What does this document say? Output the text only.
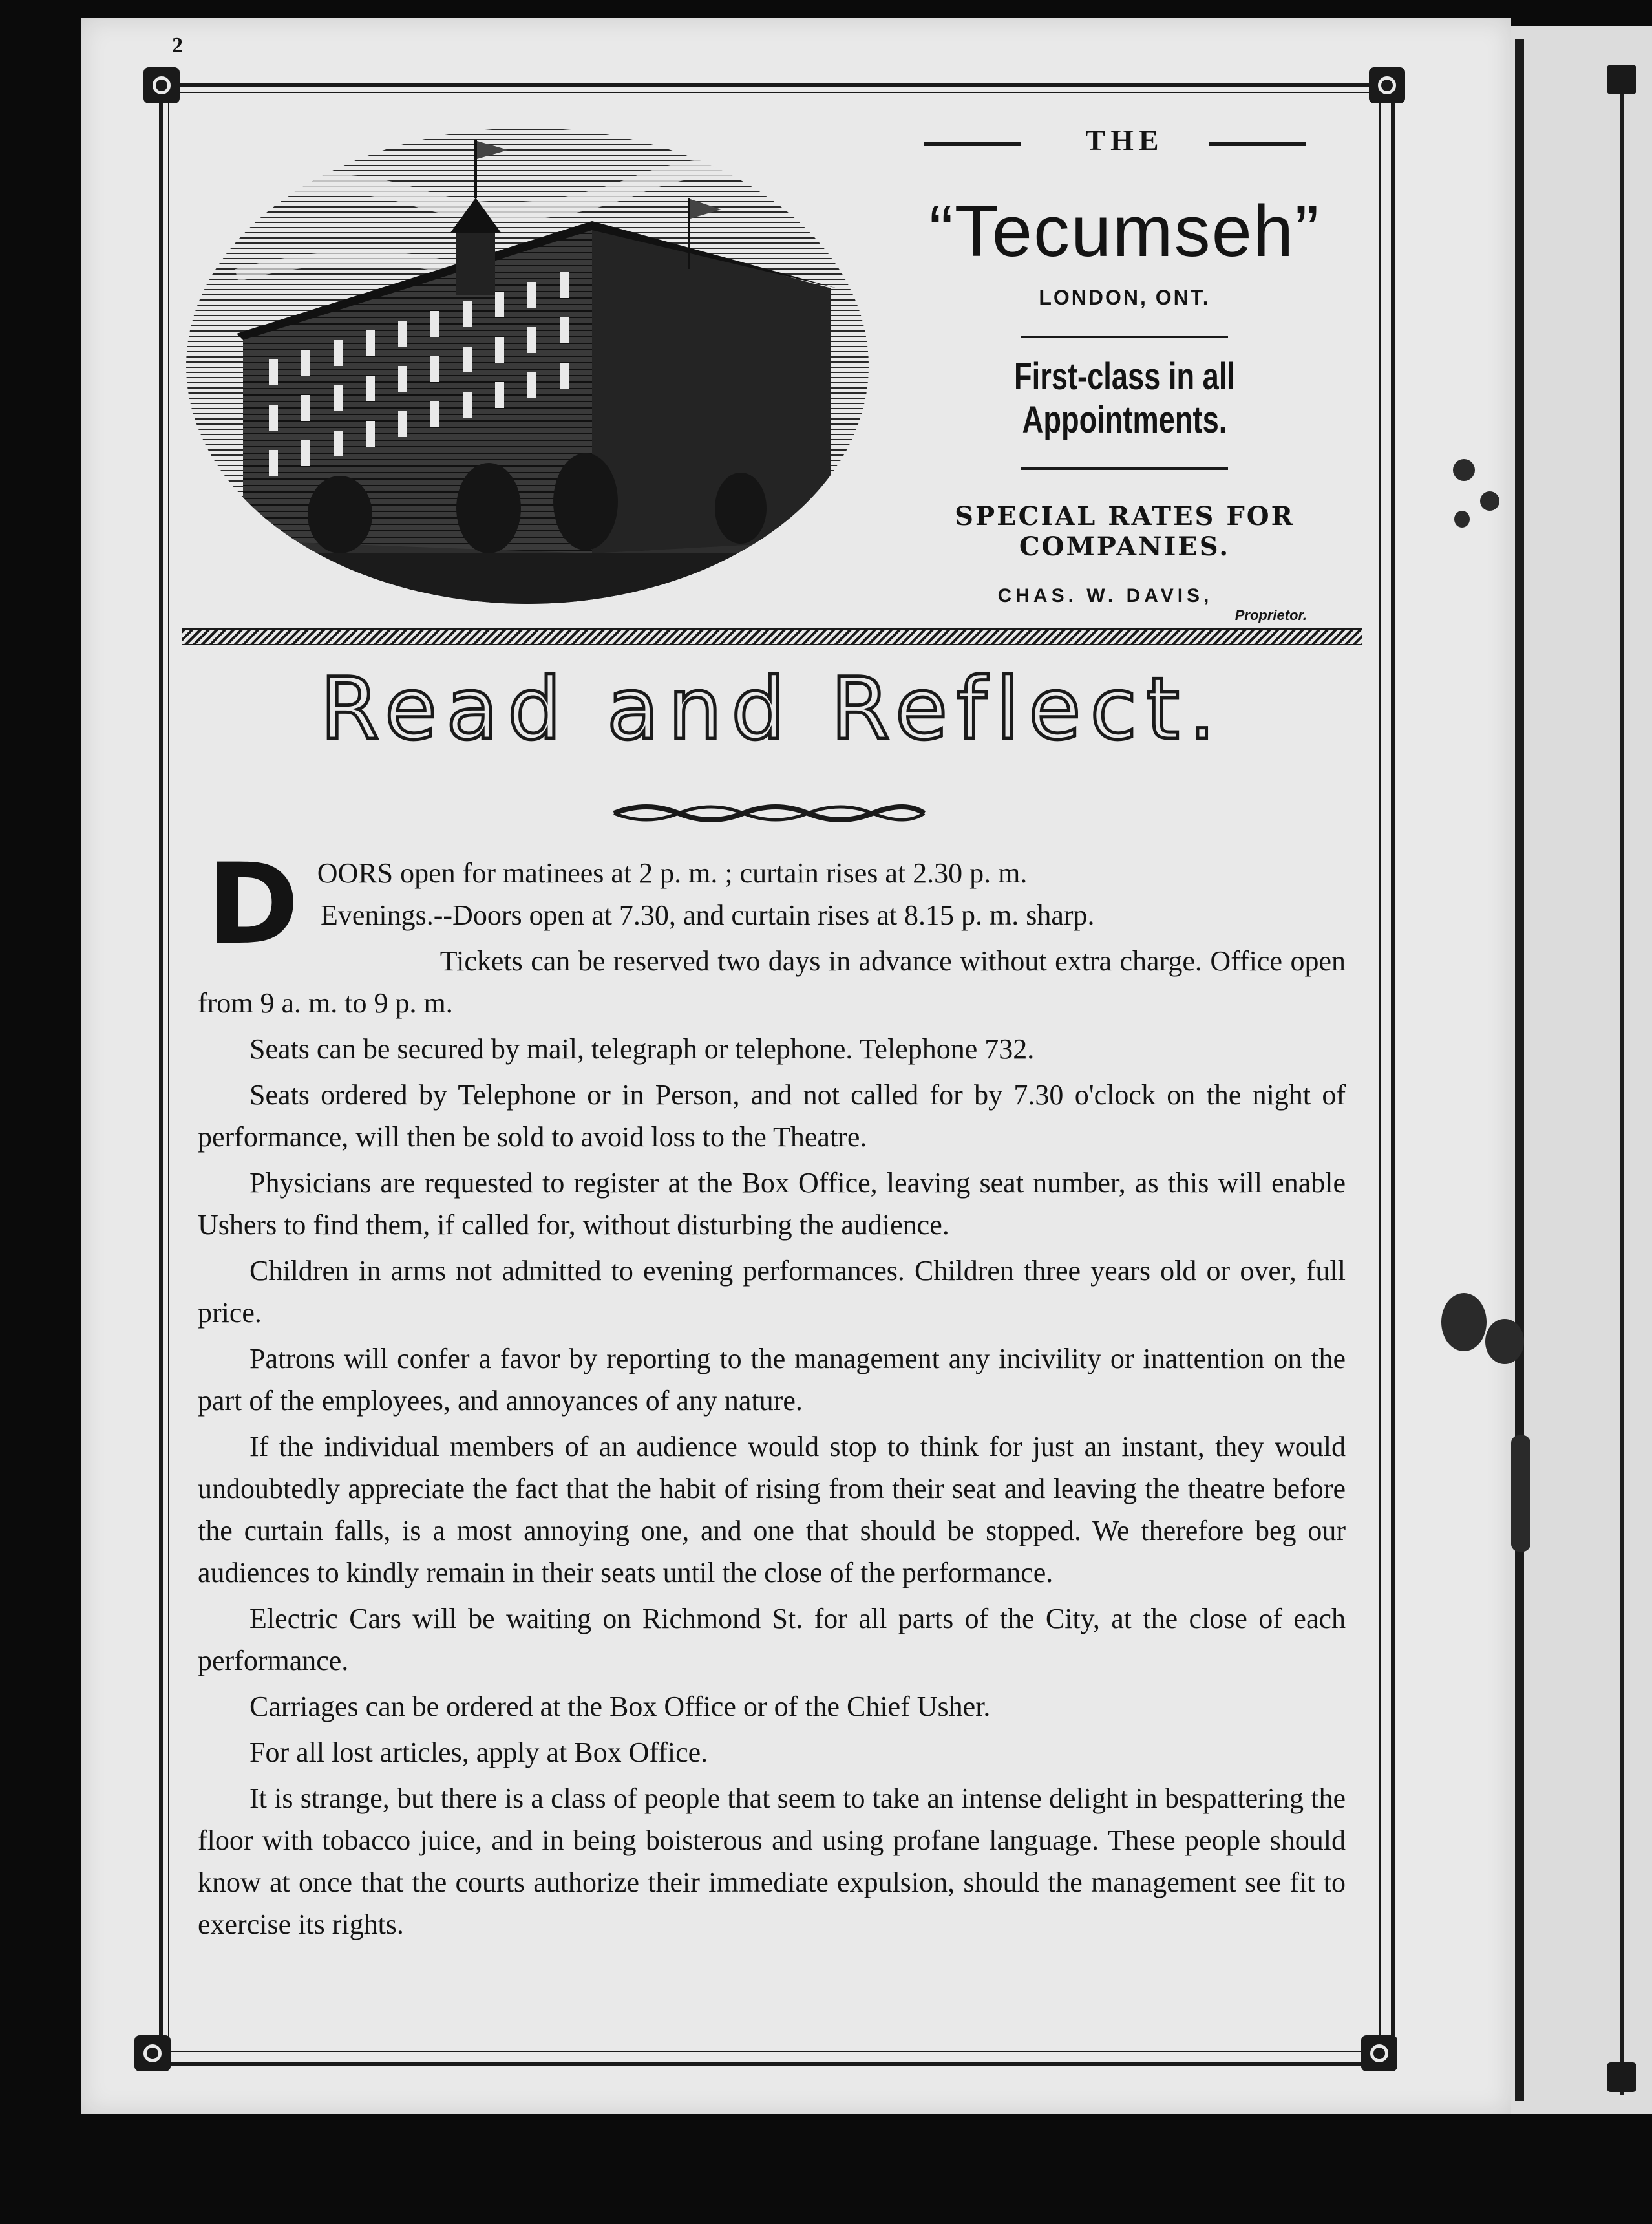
2
THE
“Tecumseh”
LONDON, ONT.
First-class in all Appointments.
SPECIAL RATES FOR COMPANIES.
CHAS. W. DAVIS,
Proprietor.
Read and Reflect.

D OORS open for matinees at 2 p. m. ; curtain rises at 2.30 p. m.
Evenings.--Doors open at 7.30, and curtain rises at 8.15 p. m. sharp.

Tickets can be reserved two days in advance without extra charge. Office open from 9 a. m. to 9 p. m.

Seats can be secured by mail, telegraph or telephone. Telephone 732.

Seats ordered by Telephone or in Person, and not called for by 7.30 o'clock on the night of performance, will then be sold to avoid loss to the Theatre.

Physicians are requested to register at the Box Office, leaving seat number, as this will enable Ushers to find them, if called for, without disturbing the audience.

Children in arms not admitted to evening performances. Children three years old or over, full price.

Patrons will confer a favor by reporting to the management any incivility or inattention on the part of the employees, and annoyances of any nature.

If the individual members of an audience would stop to think for just an instant, they would undoubtedly appreciate the fact that the habit of rising from their seat and leaving the theatre before the curtain falls, is a most annoying one, and one that should be stopped. We therefore beg our audiences to kindly remain in their seats until the close of the performance.

Electric Cars will be waiting on Richmond St. for all parts of the City, at the close of each performance.

Carriages can be ordered at the Box Office or of the Chief Usher.

For all lost articles, apply at Box Office.

It is strange, but there is a class of people that seem to take an intense delight in bespattering the floor with tobacco juice, and in being boisterous and using profane language. These people should know at once that the courts authorize their immediate expulsion, should the management see fit to exercise its rights.
